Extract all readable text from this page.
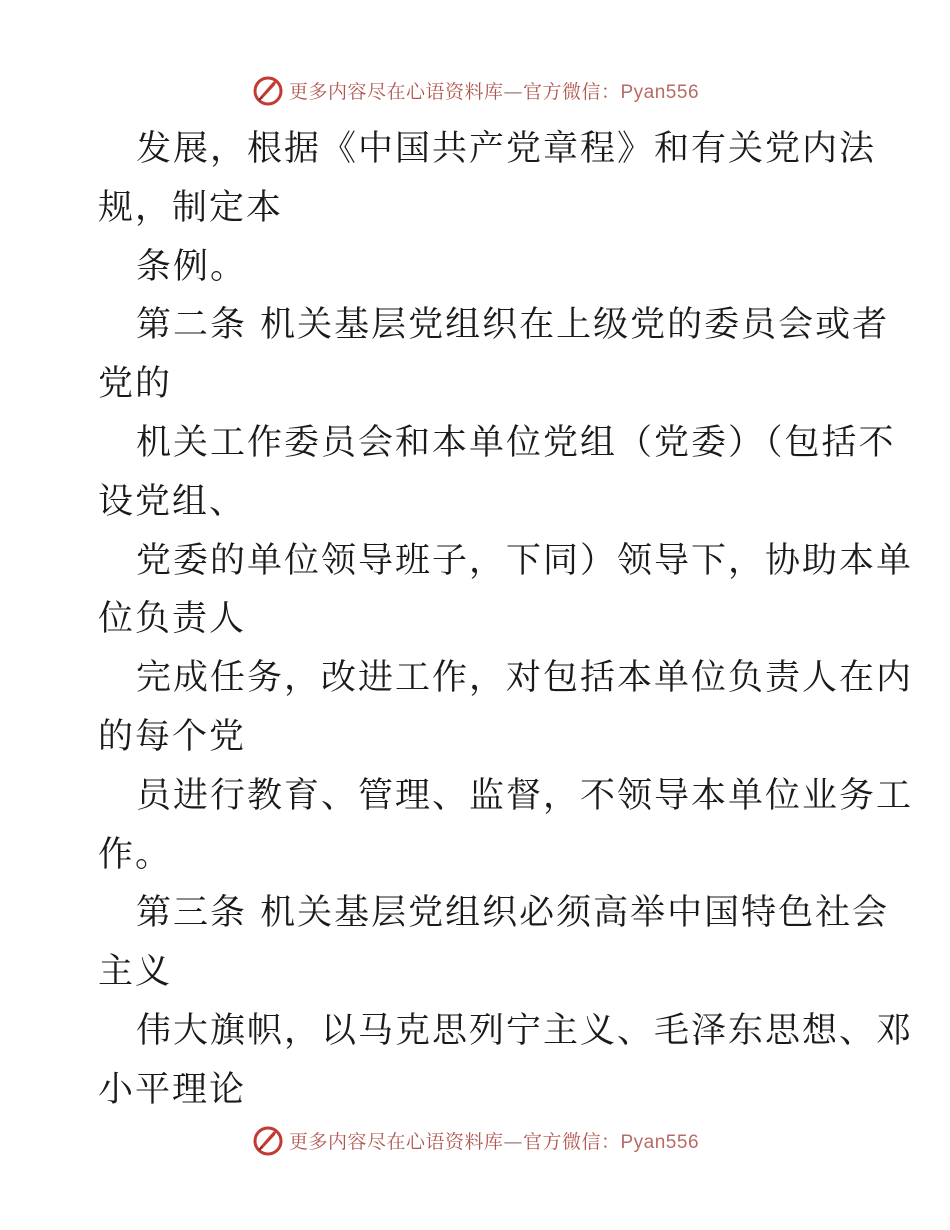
更多内容尽在心语资料库—官方微信：Pyan556
发展，根据《中国共产党章程》和有关党内法
规，制定本
条例。
第二条 机关基层党组织在上级党的委员会或者
党的
机关工作委员会和本单位党组（党委）（包括不
设党组、
党委的单位领导班子，下同）领导下，协助本单
位负责人
完成任务，改进工作，对包括本单位负责人在内
的每个党
员进行教育、管理、监督，不领导本单位业务工
作。
第三条 机关基层党组织必须高举中国特色社会
主义
伟大旗帜，以马克思列宁主义、毛泽东思想、邓
小平理论
更多内容尽在心语资料库—官方微信：Pyan556
